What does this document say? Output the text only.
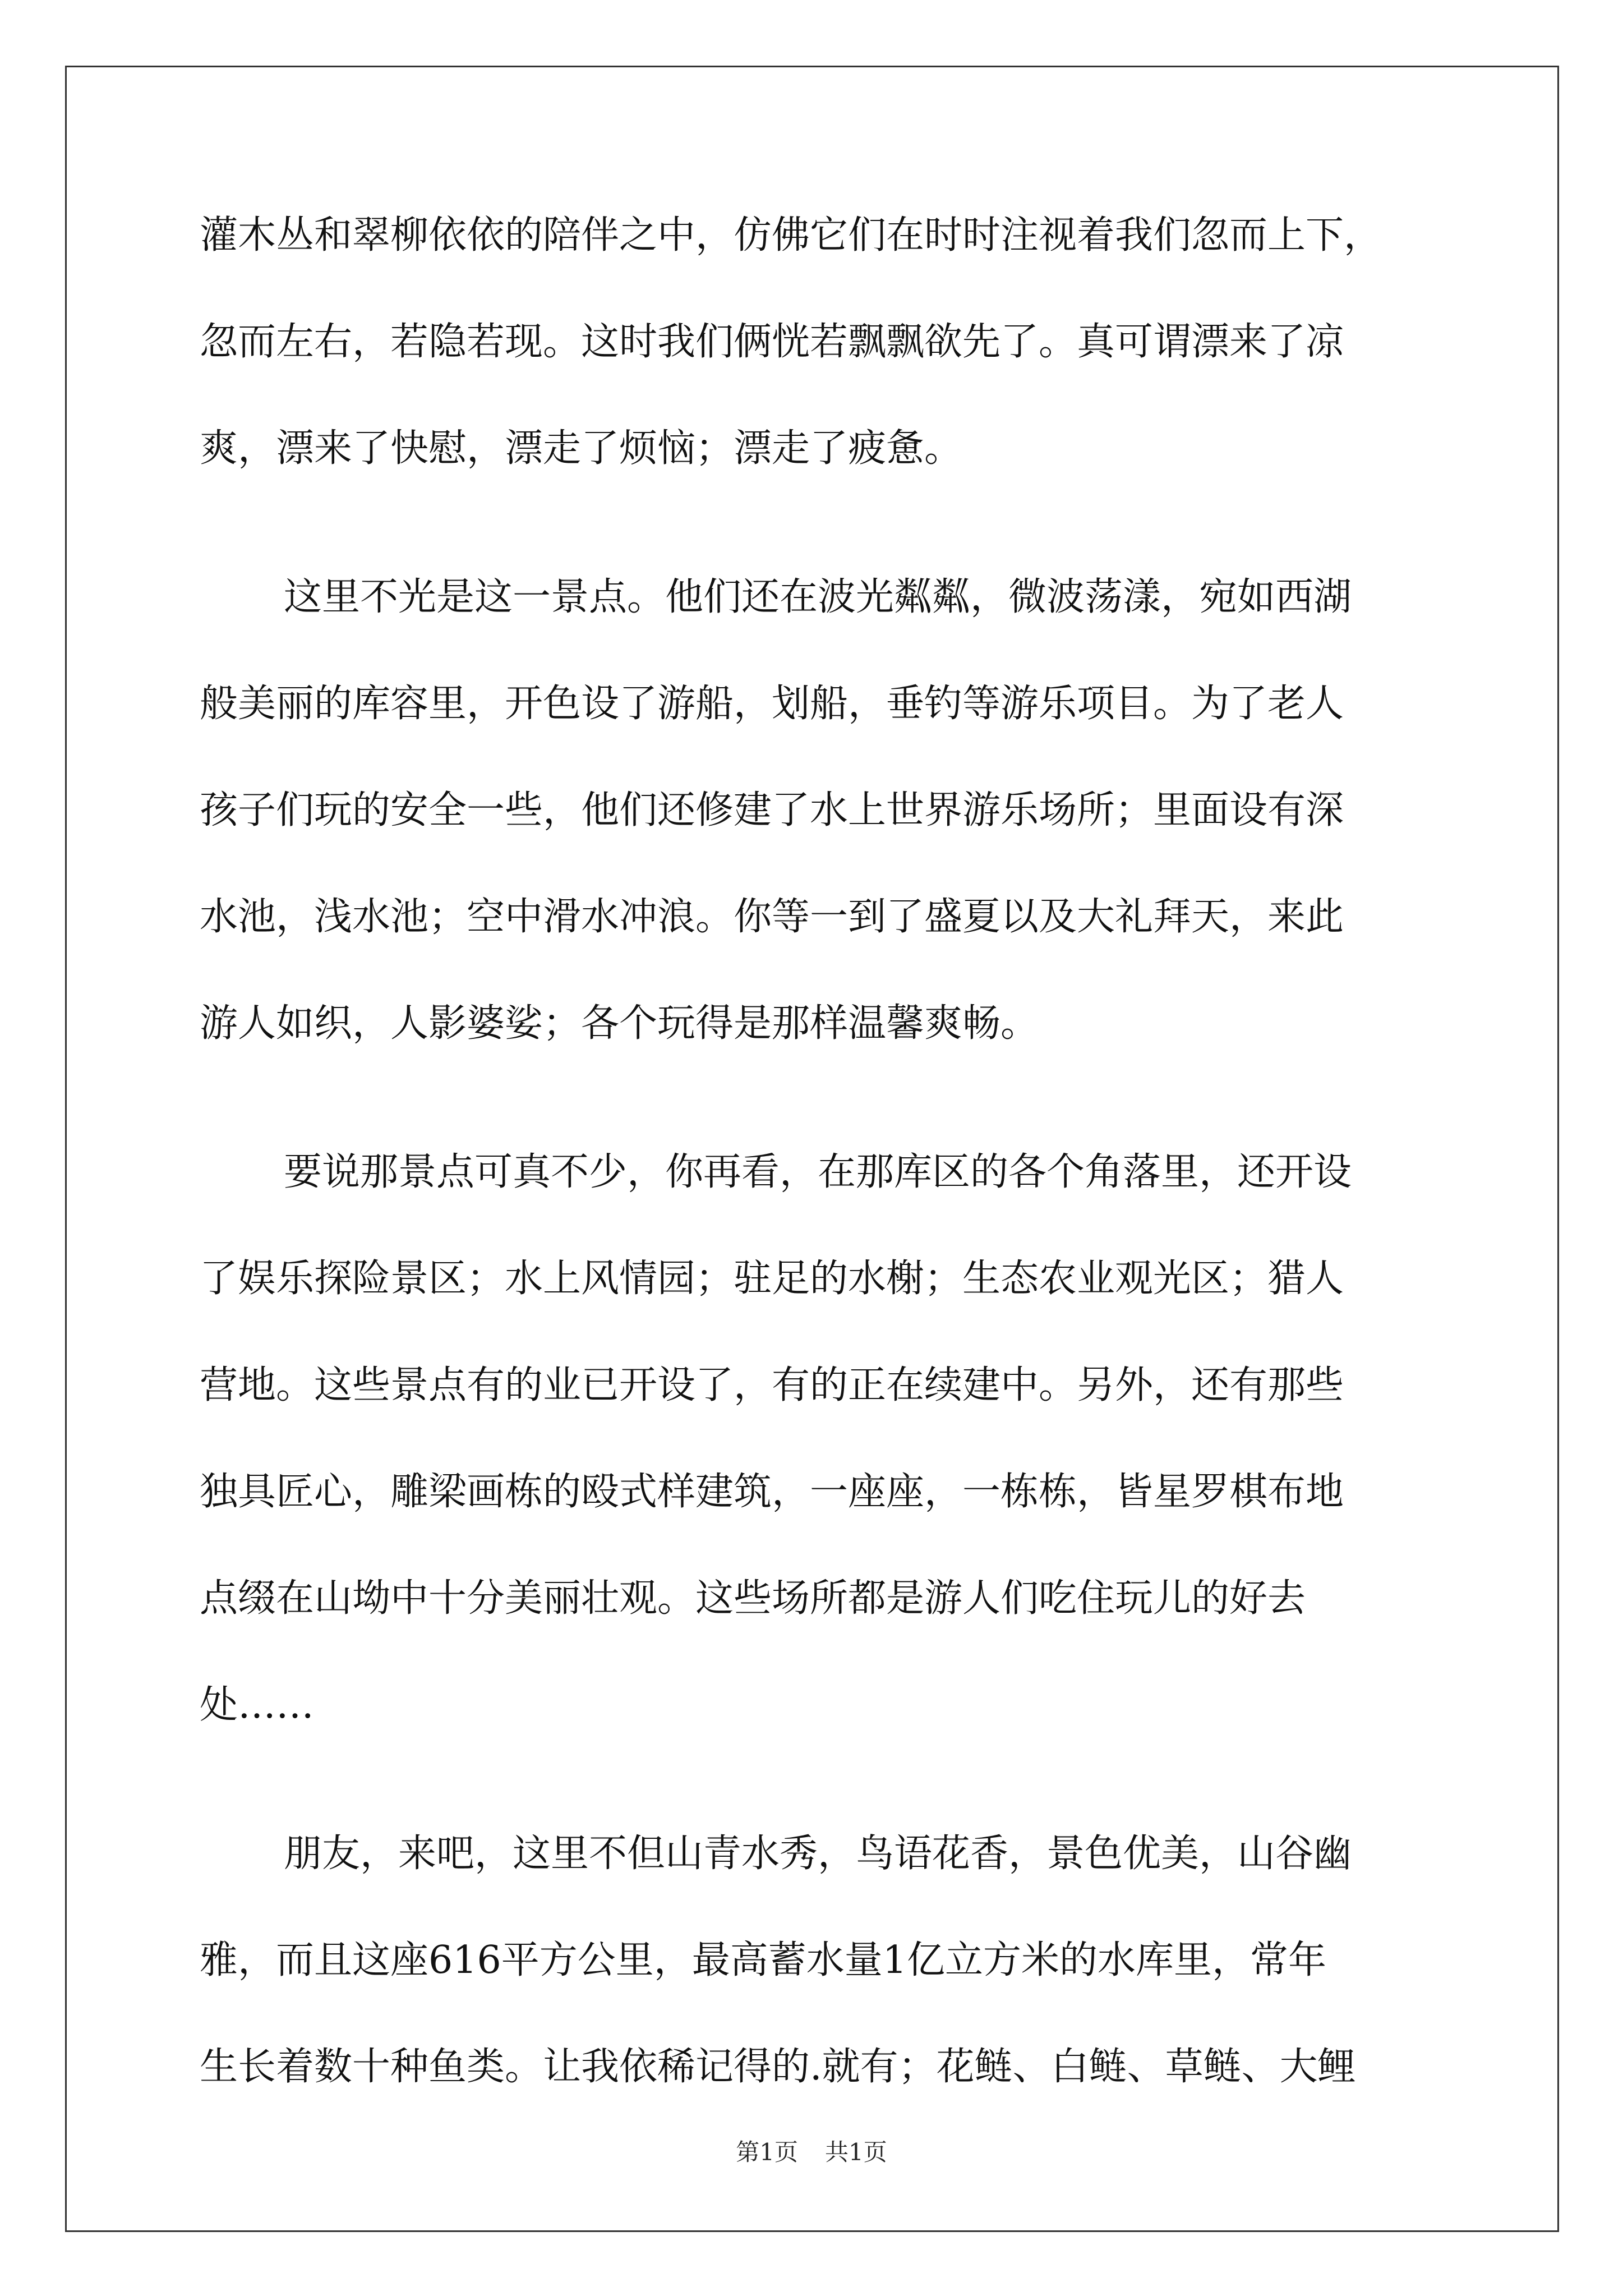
灌木丛和翠柳依依的陪伴之中，仿佛它们在时时注视着我们忽而上下，
忽而左右，若隐若现。这时我们俩恍若飘飘欲先了。真可谓漂来了凉
爽，漂来了快慰，漂走了烦恼；漂走了疲惫。
这里不光是这一景点。他们还在波光粼粼，微波荡漾，宛如西湖
般美丽的库容里，开色设了游船，划船，垂钓等游乐项目。为了老人
孩子们玩的安全一些，他们还修建了水上世界游乐场所；里面设有深
水池，浅水池；空中滑水冲浪。你等一到了盛夏以及大礼拜天，来此
游人如织，人影婆娑；各个玩得是那样温馨爽畅。
要说那景点可真不少，你再看，在那库区的各个角落里，还开设
了娱乐探险景区；水上风情园；驻足的水榭；生态农业观光区；猎人
营地。这些景点有的业已开设了，有的正在续建中。另外，还有那些
独具匠心，雕梁画栋的殴式样建筑，一座座，一栋栋，皆星罗棋布地
点缀在山坳中十分美丽壮观。这些场所都是游人们吃住玩儿的好去
处……
朋友，来吧，这里不但山青水秀，鸟语花香，景色优美，山谷幽
雅，而且这座616平方公里，最高蓄水量1亿立方米的水库里，常年
生长着数十种鱼类。让我依稀记得的.就有；花鲢、白鲢、草鲢、大鲤
第1页 共1页
